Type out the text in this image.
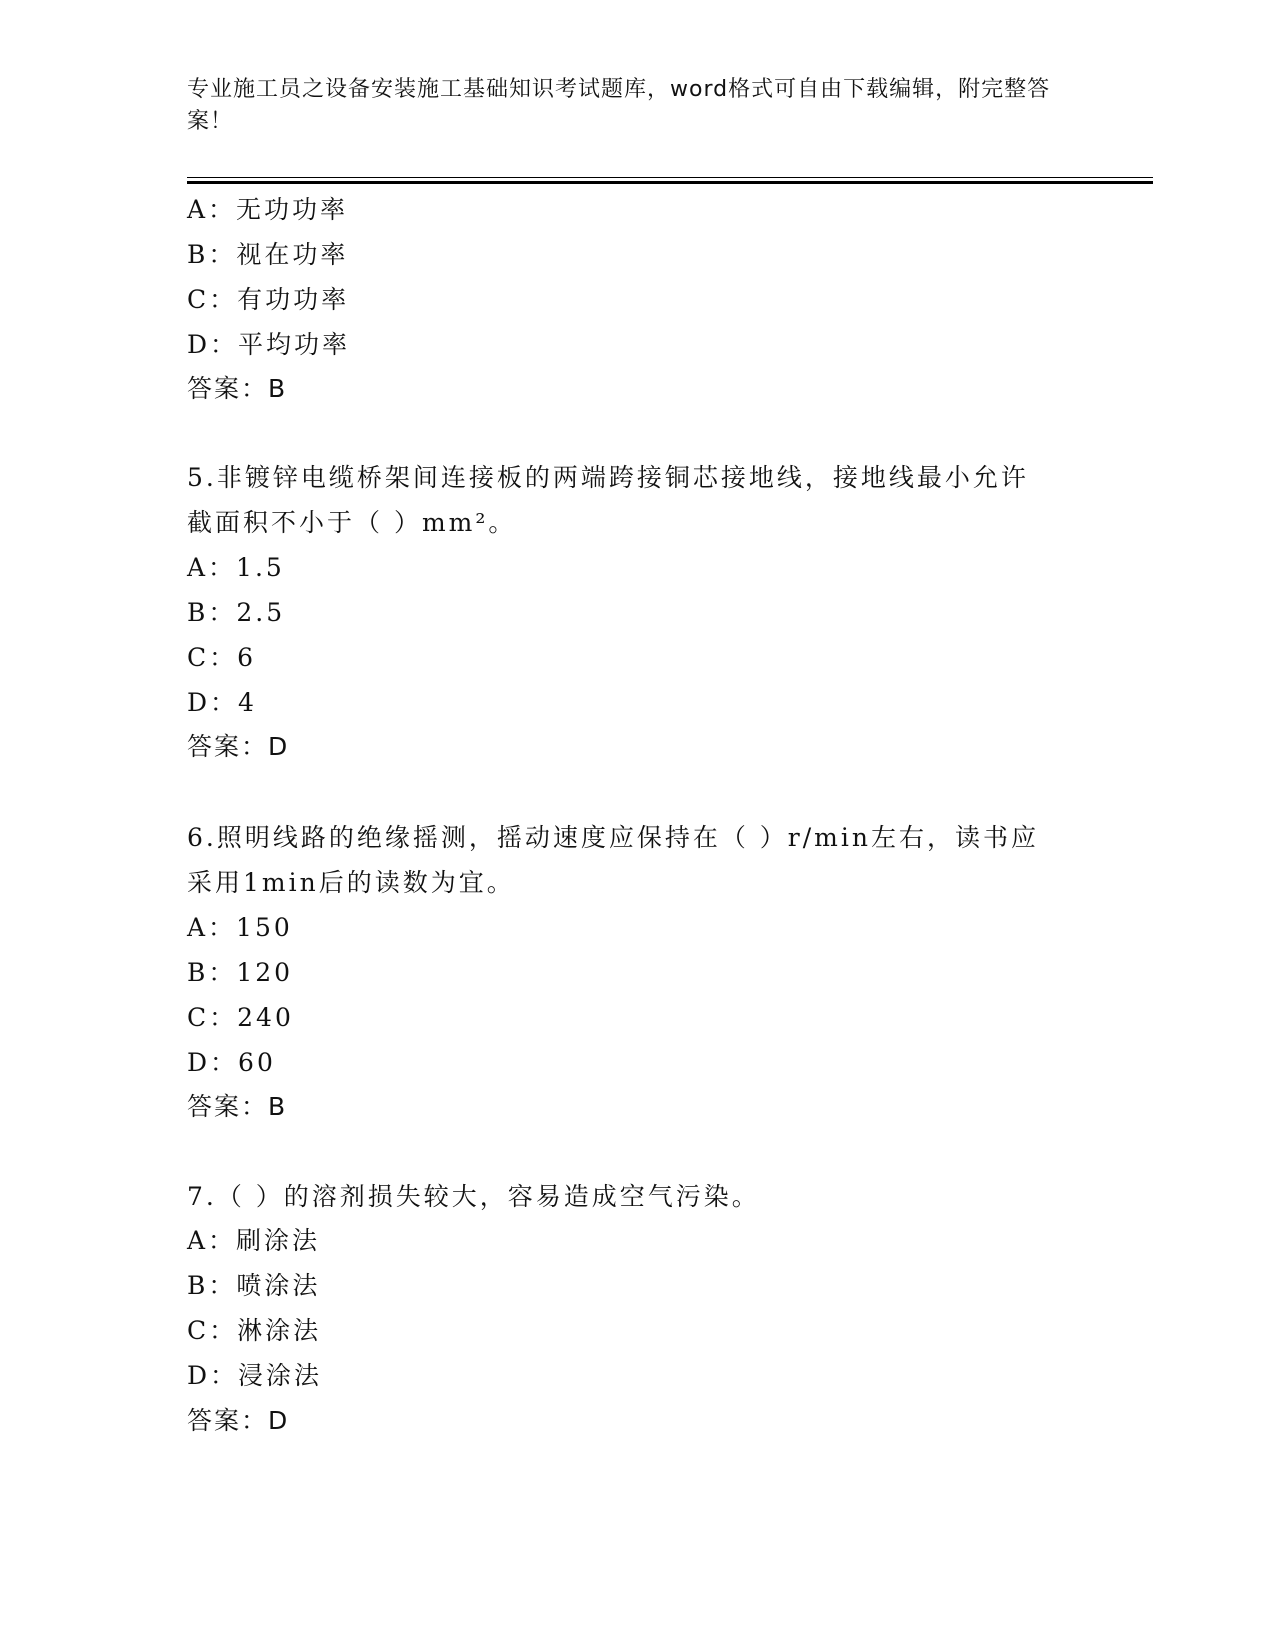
专业施工员之设备安装施工基础知识考试题库，word格式可自由下载编辑，附完整答案！
A：无功功率
B：视在功率
C：有功功率
D：平均功率
答案：B
5.非镀锌电缆桥架间连接板的两端跨接铜芯接地线，接地线最小允许
截面积不小于（ ）mm²。
A：1.5
B：2.5
C：6
D：4
答案：D
6.照明线路的绝缘摇测，摇动速度应保持在（ ）r/min左右，读书应
采用1min后的读数为宜。
A：150
B：120
C：240
D：60
答案：B
7.（ ）的溶剂损失较大，容易造成空气污染。
A：刷涂法
B：喷涂法
C：淋涂法
D：浸涂法
答案：D
